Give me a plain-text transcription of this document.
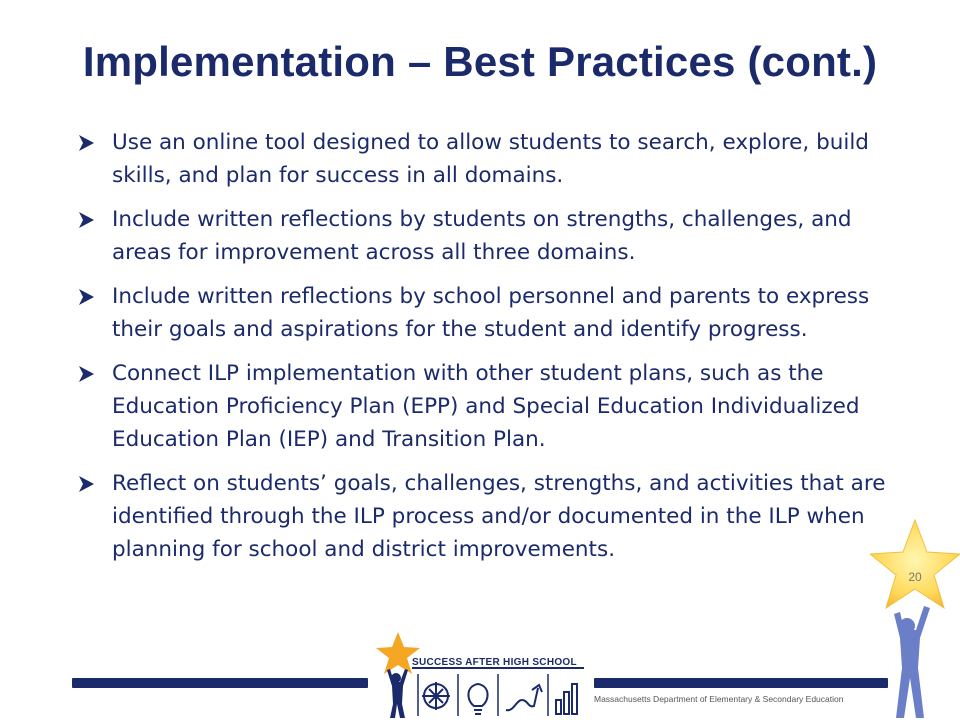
Implementation – Best Practices (cont.)
Use an online tool designed to allow students to search, explore, build skills, and plan for success in all domains.
Include written reflections by students on strengths, challenges, and areas for improvement across all three domains.
Include written reflections by school personnel and parents to express their goals and aspirations for the student and identify progress.
Connect ILP implementation with other student plans, such as the Education Proficiency Plan (EPP) and Special Education Individualized Education Plan (IEP) and Transition Plan.
Reflect on students’ goals, challenges, strengths, and activities that are identified through the ILP process and/or documented in the ILP when planning for school and district improvements.
20
SUCCESS AFTER HIGH SCHOOL
Massachusetts Department of Elementary & Secondary Education
